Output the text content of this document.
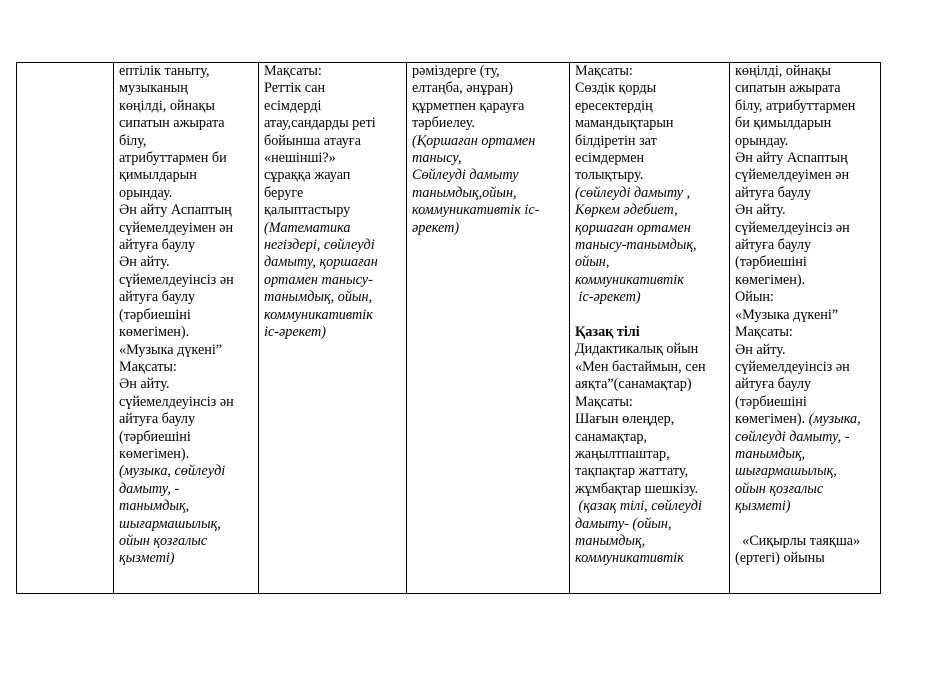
ептілік таныту,
музыканың
көңілді, ойнақы
сипатын ажырата
білу,
атрибуттармен би
қимылдарын
орындау.
Ән айту Аспаптың
сүйемелдеуімен ән
айтуға баулу
Ән айту.
сүйемелдеуінсіз ән
айтуға баулу
(тәрбиешіні
көмегімен).
«Музыка дүкені”
Мақсаты:
Ән айту.
сүйемелдеуінсіз ән
айтуға баулу
(тәрбиешіні
көмегімен).
(музыка, сөйлеуді
дамыту, -
танымдық,
шығармашылық,
ойын қозғалыс
қызметі)

Мақсаты:
Реттік сан
есімдерді
атау,сандарды реті
бойынша атауға
«нешінші?»
сұраққа жауап
беруге
қалыптастыру
(Математика
негіздері, сөйлеуді
дамыту, қоршаған
ортамен танысу-
танымдық, ойын,
коммуникативтік
іс-әрекет)

рәміздерге (ту,
елтаңба, әнұран)
құрметпен қарауға
тәрбиелеу.
(Қоршаған ортамен
танысу,
Сөйлеуді дамыту
танымдық,ойын,
коммуникативтік іс-
әрекет)

Мақсаты:
Сөздік қорды
ересектердің
мамандықтарын
білдіретін зат
есімдермен
толықтыру.
(сөйлеуді дамыту ,
Көркем әдебиет,
қоршаған ортамен
танысу-танымдық,
ойын,
коммуникативтік
іс-әрекет)
Қазақ тілі
Дидактикалық ойын
«Мен бастаймын, сен
аяқта”(санамақтар)
Мақсаты:
Шағын өлеңдер,
санамақтар,
жаңылтпаштар,
тақпақтар жаттату,
жұмбақтар шешкізу.
(қазақ тілі, сөйлеуді
дамыту- (ойын,
танымдық,
коммуникативтік

көңілді, ойнақы
сипатын ажырата
білу, атрибуттармен
би қимылдарын
орындау.
Ән айту Аспаптың
сүйемелдеуімен ән
айтуға баулу
Ән айту.
сүйемелдеуінсіз ән
айтуға баулу
(тәрбиешіні
көмегімен).
Ойын:
«Музыка дүкені”
Мақсаты:
Ән айту.
сүйемелдеуінсіз ән
айтуға баулу
(тәрбиешіні
көмегімен). (музыка,
сөйлеуді дамыту, -
танымдық,
шығармашылық,
ойын қозғалыс
қызметі)
«Сиқырлы таяқша»
(ертегі) ойыны
